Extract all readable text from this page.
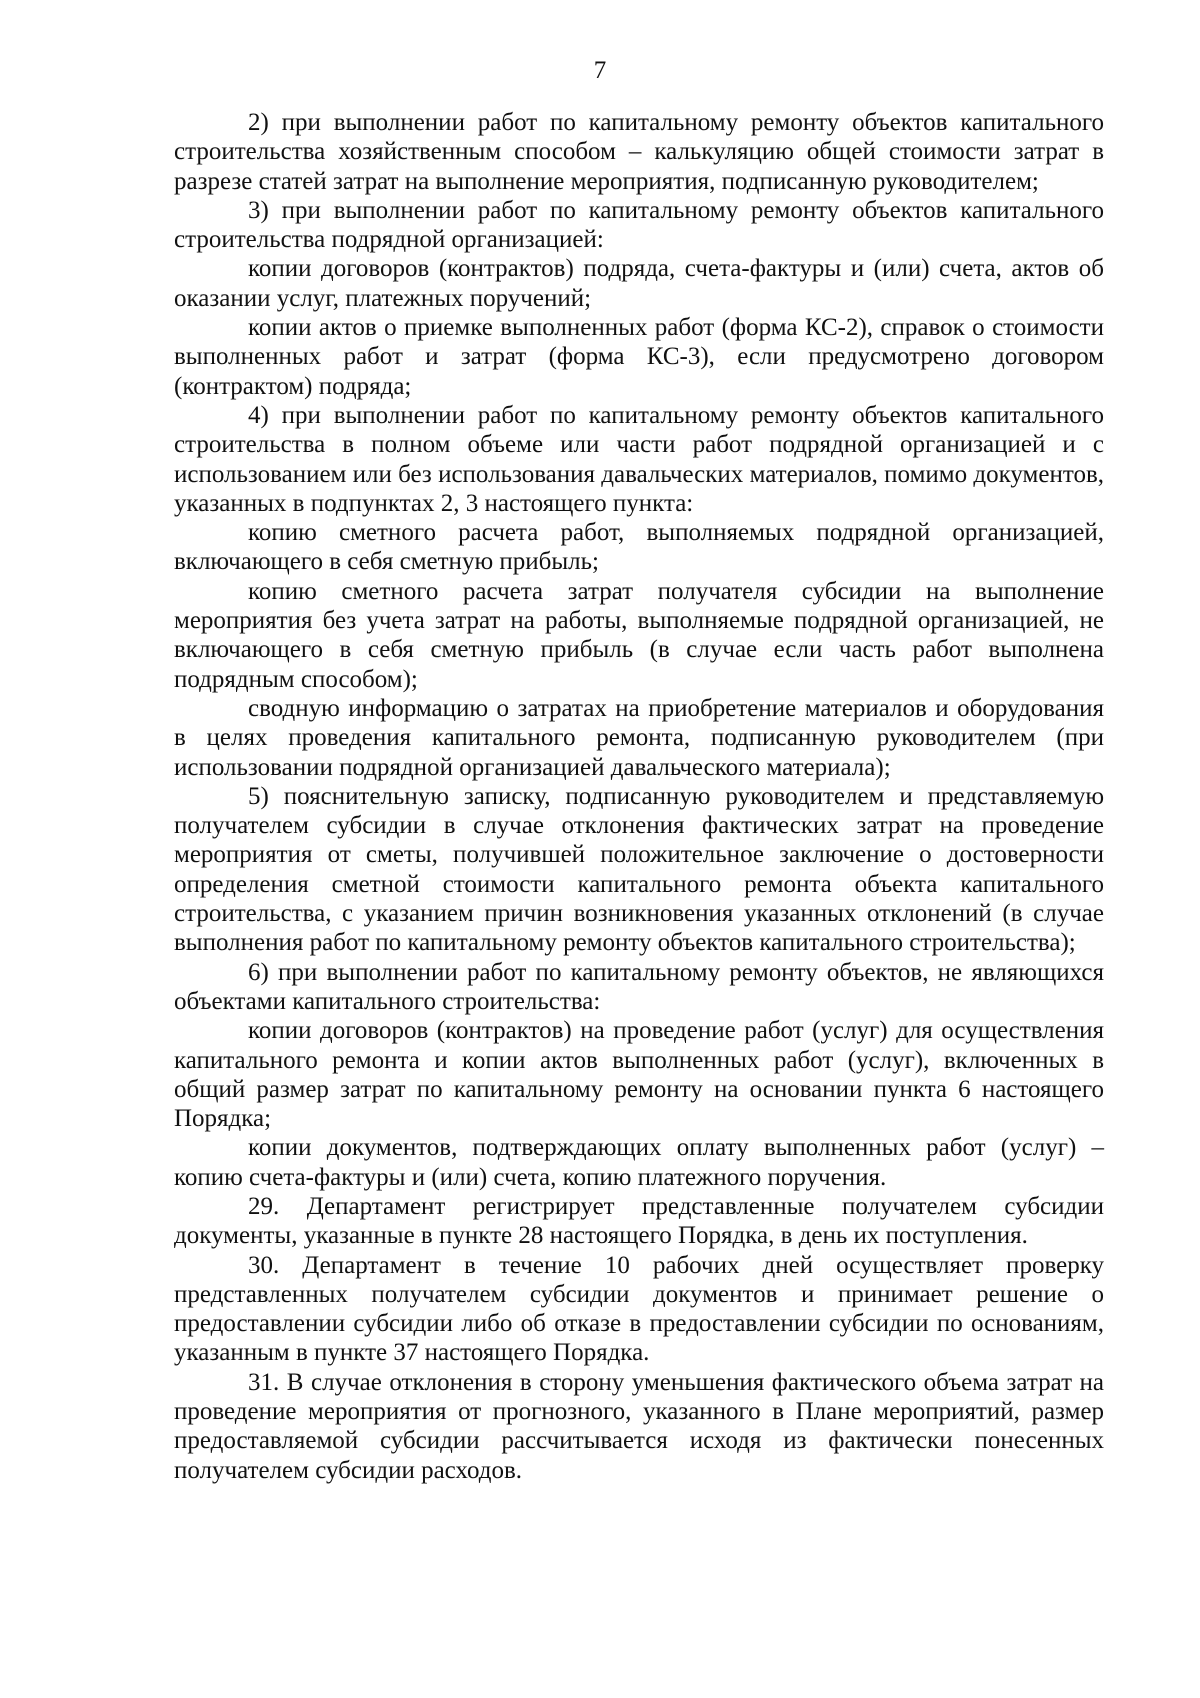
7

2) при выполнении работ по капитальному ремонту объектов капитального строительства хозяйственным способом – калькуляцию общей стоимости затрат в разрезе статей затрат на выполнение мероприятия, подписанную руководителем;

3) при выполнении работ по капитальному ремонту объектов капитального строительства подрядной организацией:

копии договоров (контрактов) подряда, счета-фактуры и (или) счета, актов об оказании услуг, платежных поручений;

копии актов о приемке выполненных работ (форма КС-2), справок о стоимости выполненных работ и затрат (форма КС-3), если предусмотрено договором (контрактом) подряда;

4) при выполнении работ по капитальному ремонту объектов капитального строительства в полном объеме или части работ подрядной организацией и с использованием или без использования давальческих материалов, помимо документов, указанных в подпунктах 2, 3 настоящего пункта:

копию сметного расчета работ, выполняемых подрядной организацией, включающего в себя сметную прибыль;

копию сметного расчета затрат получателя субсидии на выполнение мероприятия без учета затрат на работы, выполняемые подрядной организацией, не включающего в себя сметную прибыль (в случае если часть работ выполнена подрядным способом);

сводную информацию о затратах на приобретение материалов и оборудования в целях проведения капитального ремонта, подписанную руководителем (при использовании подрядной организацией давальческого материала);

5) пояснительную записку, подписанную руководителем и представляемую получателем субсидии в случае отклонения фактических затрат на проведение мероприятия от сметы, получившей положительное заключение о достоверности определения сметной стоимости капитального ремонта объекта капитального строительства, с указанием причин возникновения указанных отклонений (в случае выполнения работ по капитальному ремонту объектов капитального строительства);

6) при выполнении работ по капитальному ремонту объектов, не являющихся объектами капитального строительства:

копии договоров (контрактов) на проведение работ (услуг) для осуществления капитального ремонта и копии актов выполненных работ (услуг), включенных в общий размер затрат по капитальному ремонту на основании пункта 6 настоящего Порядка;

копии документов, подтверждающих оплату выполненных работ (услуг) – копию счета-фактуры и (или) счета, копию платежного поручения.

29. Департамент регистрирует представленные получателем субсидии документы, указанные в пункте 28 настоящего Порядка, в день их поступления.

30. Департамент в течение 10 рабочих дней осуществляет проверку представленных получателем субсидии документов и принимает решение о предоставлении субсидии либо об отказе в предоставлении субсидии по основаниям, указанным в пункте 37 настоящего Порядка.

31. В случае отклонения в сторону уменьшения фактического объема затрат на проведение мероприятия от прогнозного, указанного в Плане мероприятий, размер предоставляемой субсидии рассчитывается исходя из фактически понесенных получателем субсидии расходов.
